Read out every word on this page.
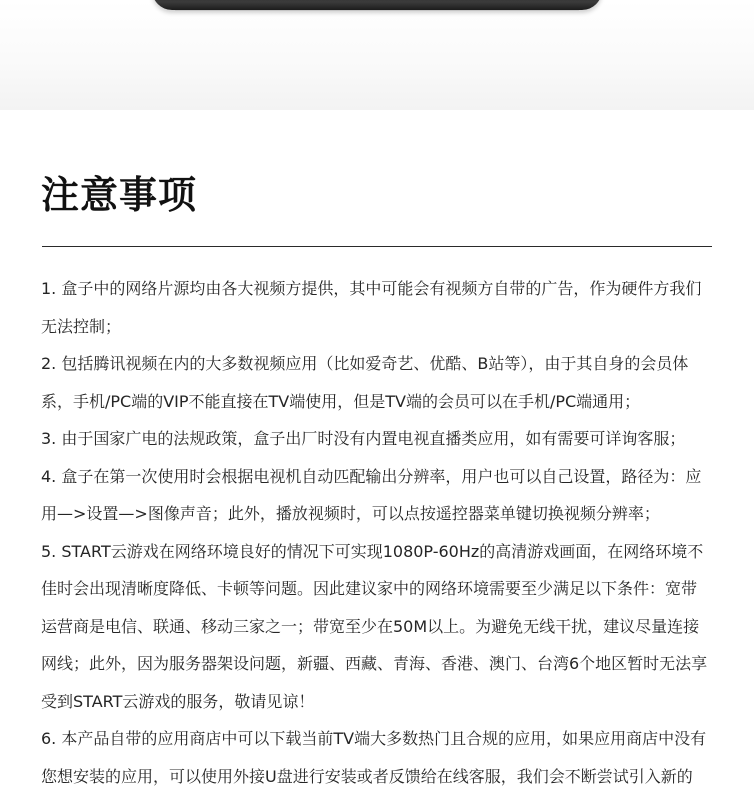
注意事项

1. 盒子中的网络片源均由各大视频方提供，其中可能会有视频方自带的广告，作为硬件方我们无法控制；

2. 包括腾讯视频在内的大多数视频应用（比如爱奇艺、优酷、B站等），由于其自身的会员体系，手机/PC端的VIP不能直接在TV端使用，但是TV端的会员可以在手机/PC端通用；

3. 由于国家广电的法规政策，盒子出厂时没有内置电视直播类应用，如有需要可详询客服；

4. 盒子在第一次使用时会根据电视机自动匹配输出分辨率，用户也可以自己设置，路径为：应用—>设置—>图像声音；此外，播放视频时，可以点按遥控器菜单键切换视频分辨率；

5. START云游戏在网络环境良好的情况下可实现1080P-60Hz的高清游戏画面，在网络环境不佳时会出现清晰度降低、卡顿等问题。因此建议家中的网络环境需要至少满足以下条件：宽带运营商是电信、联通、移动三家之一；带宽至少在50M以上。为避免无线干扰，建议尽量连接网线；此外，因为服务器架设问题，新疆、西藏、青海、香港、澳门、台湾6个地区暂时无法享受到START云游戏的服务，敬请见谅！

6. 本产品自带的应用商店中可以下载当前TV端大多数热门且合规的应用，如果应用商店中没有您想安装的应用，可以使用外接U盘进行安装或者反馈给在线客服，我们会不断尝试引入新的
